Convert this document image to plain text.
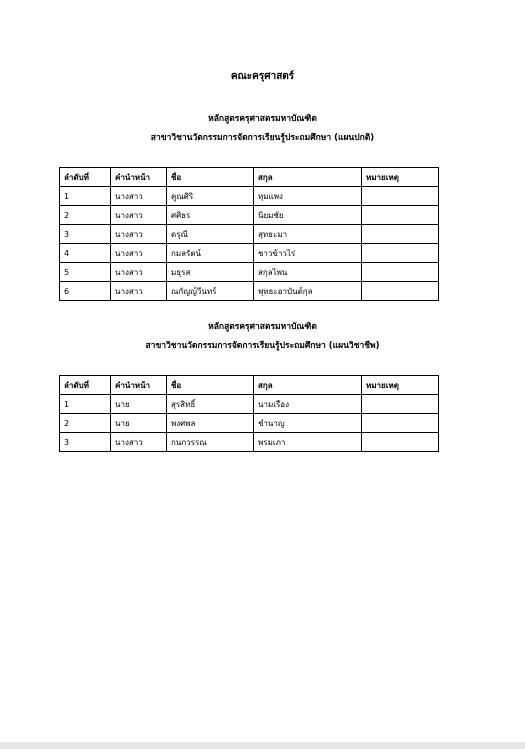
คณะครุศาสตร์
หลักสูตรครุศาสตรมหาบัณฑิต
สาขาวิชานวัตกรรมการจัดการเรียนรู้ประถมศึกษา (แผนปกติ)
ลำดับที่	คำนำหน้า	ชื่อ	สกุล	หมายเหตุ
1	นางสาว	คูณศิริ	หุมแพง	
2	นางสาว	ศศิธร	นิยมชัย	
3	นางสาว	ดรุณี	สุทธะมา	
4	นางสาว	กมลรัตน์	ชาวข้าวไร่	
5	นางสาว	มธุรส	สกุลไพน	
6	นางสาว	ณกัญญ์วีนทร์	พุทธะอาบันต์กุล	
หลักสูตรครุศาสตรมหาบัณฑิต
สาขาวิชานวัตกรรมการจัดการเรียนรู้ประถมศึกษา (แผนวิชาชีพ)
ลำดับที่	คำนำหน้า	ชื่อ	สกุล	หมายเหตุ
1	นาย	สุรสิทธิ์	นามเรือง	
2	นาย	พงศพล	ชำนาญ	
3	นางสาว	กนกวรรณ	พรมเภา	
